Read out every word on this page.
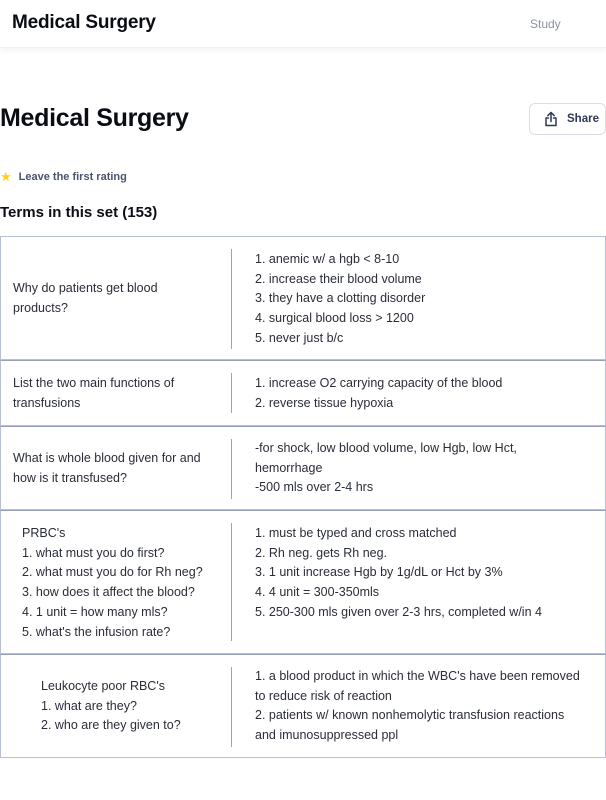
Medical Surgery	Study
Medical Surgery	Share
★ Leave the first rating
Terms in this set (153)
Why do patients get blood
products?
1. anemic w/ a hgb < 8-10
2. increase their blood volume
3. they have a clotting disorder
4. surgical blood loss > 1200
5. never just b/c
List the two main functions of
transfusions
1. increase O2 carrying capacity of the blood
2. reverse tissue hypoxia
What is whole blood given for and
how is it transfused?
-for shock, low blood volume, low Hgb, low Hct,
hemorrhage
-500 mls over 2-4 hrs
PRBC's
1. what must you do first?
2. what must you do for Rh neg?
3. how does it affect the blood?
4. 1 unit = how many mls?
5. what's the infusion rate?
1. must be typed and cross matched
2. Rh neg. gets Rh neg.
3. 1 unit increase Hgb by 1g/dL or Hct by 3%
4. 4 unit = 300-350mls
5. 250-300 mls given over 2-3 hrs, completed w/in 4
Leukocyte poor RBC's
1. what are they?
2. who are they given to?
1. a blood product in which the WBC's have been removed
to reduce risk of reaction
2. patients w/ known nonhemolytic transfusion reactions
and imunosuppressed ppl
